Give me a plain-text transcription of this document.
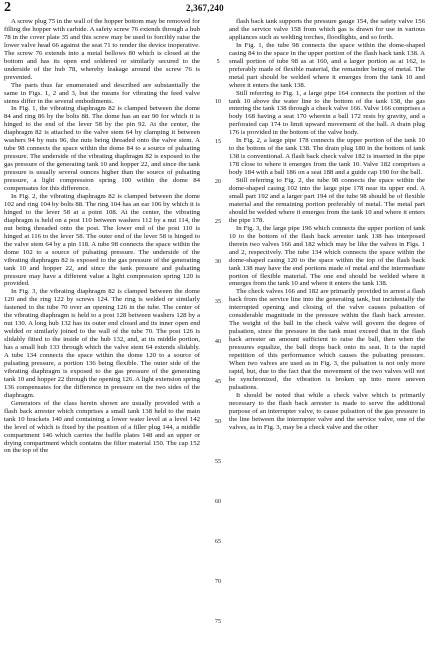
2	2,367,240

A screw plug 75 in the wall of the hopper bottom may be removed for filling the hopper with carbide. A safety screw 76 extends through a hub 78 in the cover plate 35 and this screw may be used to forcibly raise the lower valve head 66 against the seat 71 to render the device inoperative. The screw 76 extends into a metal bellows 80 which is closed at the bottom and has its open end soldered or similarly secured to the underside of the hub 78, whereby leakage around the screw 76 is prevented.

The parts thus far enumerated and described are substantially the same in Figs. 1, 2 and 3, but the means for vibrating the feed valve stems differ in the several embodiments.

In Fig. 1, the vibrating diaphragm 82 is clamped between the dome 84 and ring 86 by the bolts 88. The dome has an ear 90 for which it is hinged to the end of the lever 58 by the pin 92. At the center, the diaphragm 82 is attached to the valve stem 64 by clamping it between washers 94 by nuts 96, the nuts being threaded onto the valve stem. A tube 98 connects the space within the dome 84 to a source of pulsating pressure. The underside of the vibrating diaphragm 82 is exposed to the gas pressure of the generating tank 10 and hopper 22, and since the tank pressure is usually several ounces higher than the source of pulsating pressure, a light compression spring 100 within the dome 84 compensates for this difference.

In Fig. 2, the vibrating diaphragm 82 is clamped between the dome 102 and ring 104 by bolts 88. The ring 104 has an ear 106 by which it is hinged to the lever 58 at a point 108. At the center, the vibrating diaphragm is held on a post 110 between washers 112 by a nut 114, the nut being threaded onto the post. The lower end of the post 110 is hinged at 116 to the lever 58. The outer end of the lever 58 is hinged to the valve stem 64 by a pin 118. A tube 98 connects the space within the dome 102 to a source of pulsating pressure. The underside of the vibrating diaphragm 82 is exposed to the gas pressure of the generating tank 10 and hopper 22, and since the tank pressure and pulsating pressure may have a different value a light compression spring 120 is provided.

In Fig. 3, the vibrating diaphragm 82 is clamped between the dome 120 and the ring 122 by screws 124. The ring is welded or similarly fastened to the tube 70 over an opening 126 in the tube. The center of the vibrating diaphragm is held to a post 128 between washers 128 by a nut 130. A long hub 132 has its outer end closed and its inner open end welded or similarly joined to the wall of the tube 70. The post 126 is slidably fitted to the inside of the hub 132, and, at its middle portion, has a small hub 133 through which the valve stem 64 extends slidably. A tube 134 connects the space within the dome 120 to a source of pulsating pressure, a portion 136 being flexible. The outer side of the vibrating diaphragm is exposed to the gas pressure of the generating tank 10 and hopper 22 through the opening 126. A light extension spring 136 compensates for the difference in pressure on the two sides of the diaphragm.

Generators of the class herein shown are usually provided with a flash back arrester which comprises a small tank 138 held to the main tank 10 brackets 140 and containing a lower water level at a level 142 the level of which is fixed by the position of a filler plug 144, a middle compartment 146 which carries the baffle plates 148 and an upper or drying compartment which contains the filter material 150. The cap 152 on the top of the

5
10
15
20
25
30
35
40
45
50
55
60
65
70
75

flash back tank supports the pressure gauge 154, the safety valve 156 and the service valve 158 from which gas is drawn for use in various appliances such as welding torches, floodlights, and so forth.

In Fig. 1, the tube 98 connects the space within the dome-shaped casing 84 to the space in the upper portion of the flash back tank 138. A small portion of tube 98 as at 160, and a larger portion as at 162, is preferably made of flexible material, the remainder being of metal. The metal part should be welded where it emerges from the tank 10 and where it enters the tank 138.

Still referring to Fig. 1, a large pipe 164 connects the portion of the tank 10 above the water line to the bottom of the tank 138, the gas entering the tank 138 through a check valve 166. Valve 166 comprises a body 168 having a seat 170 wherein a ball 172 rests by gravity, and a perforated cap 174 to limit upward movement of the ball. A drain plug 176 is provided in the bottom of the valve body.

In Fig. 2, a large pipe 178 connects the upper portion of the tank 10 to the bottom of the tank 138. The drain plug 180 in the bottom of tank 138 is conventional. A flash back check valve 182 is inserted in the pipe 178 close to where it emerges from the tank 10. Valve 182 comprises a body 184 with a ball 186 on a seat 188 and a guide cap 190 for the ball.

Still referring to Fig. 2, the tube 98 connects the space within the dome-shaped casing 102 into the large pipe 178 near its upper end. A small part 192 and a larger part 194 of the tube 98 should be of flexible material and the remaining portion preferably of metal. The metal part should be welded where it emerges from the tank 10 and where it enters the pipe 178.

In Fig. 3, the large pipe 196 which connects the upper portion of tank 10 to the bottom of the flash back arrester tank 138 has interposed therein two valves 166 and 182 which may be like the valves in Figs. 1 and 2, respectively. The tube 134 which connects the space within the dome-shaped casing 120 to the space within the top of the flash back tank 138 may have the end portions made of metal and the intermediate portion of flexible material. The one end should be welded where it emerges from the tank 10 and where it enters the tank 138.

The check valves 166 and 182 are primarily provided to arrest a flash back from the service line into the generating tank, but incidentally the interrupted opening and closing of the valve causes pulsation of considerable magnitude in the pressure within the flash back arrester. The weight of the ball in the check valve will govern the degree of pulsation, since the pressure in the tank must exceed that in the flash back arrester an amount sufficient to raise the ball, then when the pressures equalize, the ball drops back onto its seat. It is the rapid repetition of this performance which causes the pulsating pressure. When two valves are used as in Fig. 3, the pulsation is not only more rapid, but, due to the fact that the movement of the two valves will not be synchronized, the vibration is broken up into more uneven pulsations.

It should be noted that while a check valve which is primarily necessary to the flash back arrester is made to serve the additional purpose of an interrupter valve, to cause pulsation of the gas pressure in the line between the interrupter valve and the service valve, one of the valves, as in Fig. 3, may be a check valve and the other
